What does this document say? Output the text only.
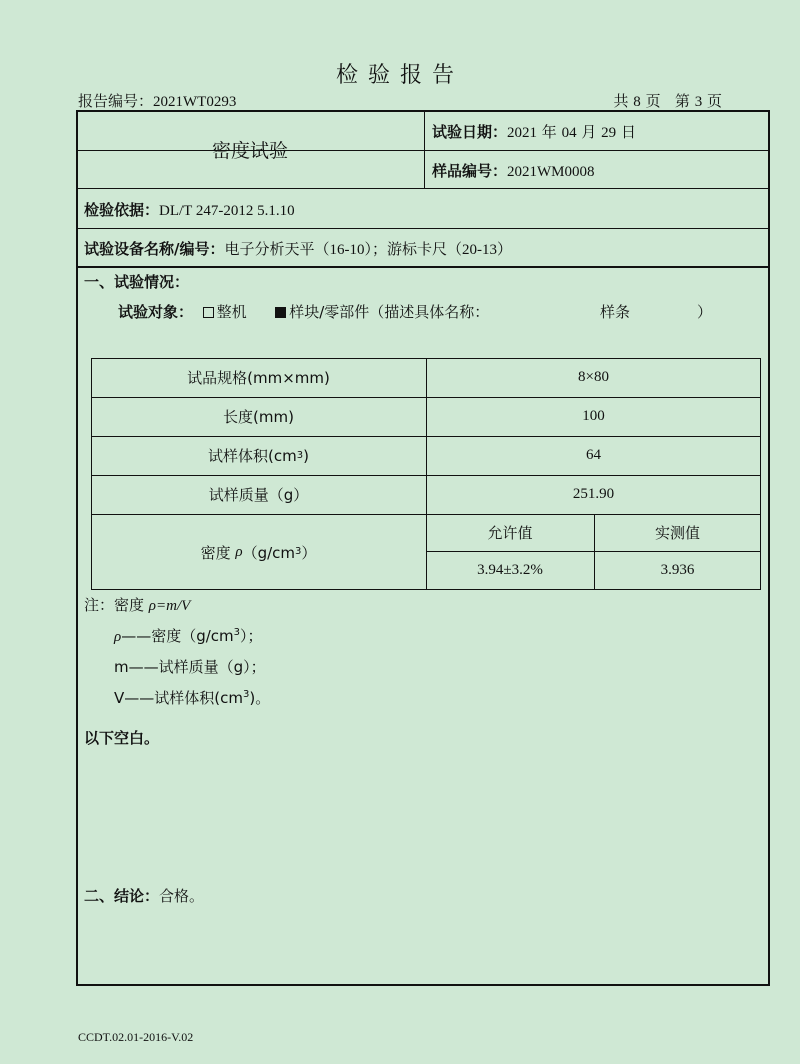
检验报告
报告编号：2021WT0293	共 8 页 第 3 页
密度试验
试验日期：2021 年 04 月 29 日
样品编号：2021WM0008
检验依据：DL/T 247-2012 5.1.10
试验设备名称/编号：电子分析天平（16-10）；游标卡尺（20-13）
一、试验情况：
试验对象： 整机	样块/零部件（描述具体名称：	样条	）
试品规格(mm×mm)	8×80
长度(mm)	100
试样体积(cm 3 )	64
试样质量（g）	251.90
密度
ρ （g/cm 3 ）
允许值	实测值
3.94±3.2%	3.936
注：密度 ρ=m/V
ρ——密度$(g/cm^3)$；
m——试样质量（g）；
V——试样体积$(cm^3)$。
以下空白。
二、结论：合格。
CCDT.02.01-2016-V.02
